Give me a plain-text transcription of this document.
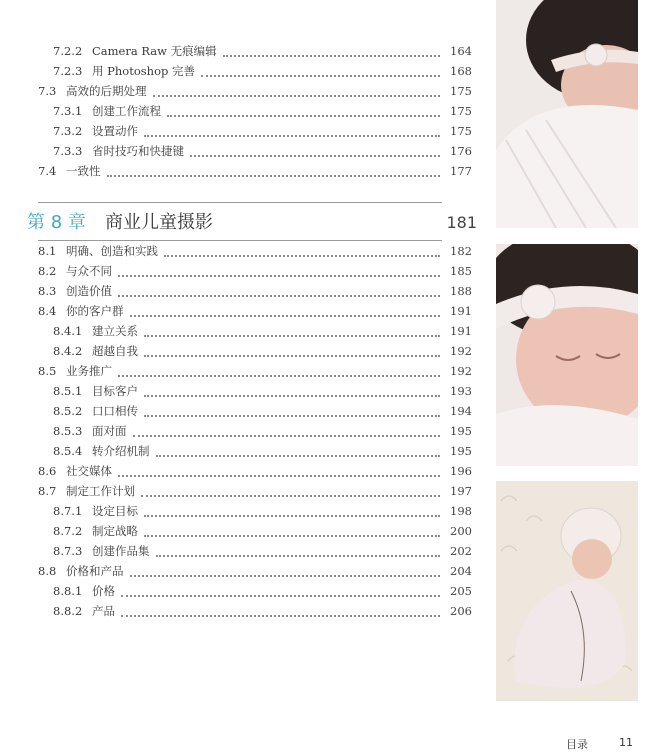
7.2.2 Camera Raw 无痕编辑	164
7.2.3 用 Photoshop 完善	168
7.3 高效的后期处理	175
7.3.1 创建工作流程	175
7.3.2 设置动作	175
7.3.3 省时技巧和快捷键	176
7.4 一致性	177
第 8 章 商业儿童摄影	181
8.1 明确、创造和实践	182
8.2 与众不同	185
8.3 创造价值	188
8.4 你的客户群	191
8.4.1 建立关系	191
8.4.2 超越自我	192
8.5 业务推广	192
8.5.1 目标客户	193
8.5.2 口口相传	194
8.5.3 面对面	195
8.5.4 转介绍机制	195
8.6 社交媒体	196
8.7 制定工作计划	197
8.7.1 设定目标	198
8.7.2 制定战略	200
8.7.3 创建作品集	202
8.8 价格和产品	204
8.8.1 价格	205
8.8.2 产品	206
目录	11
